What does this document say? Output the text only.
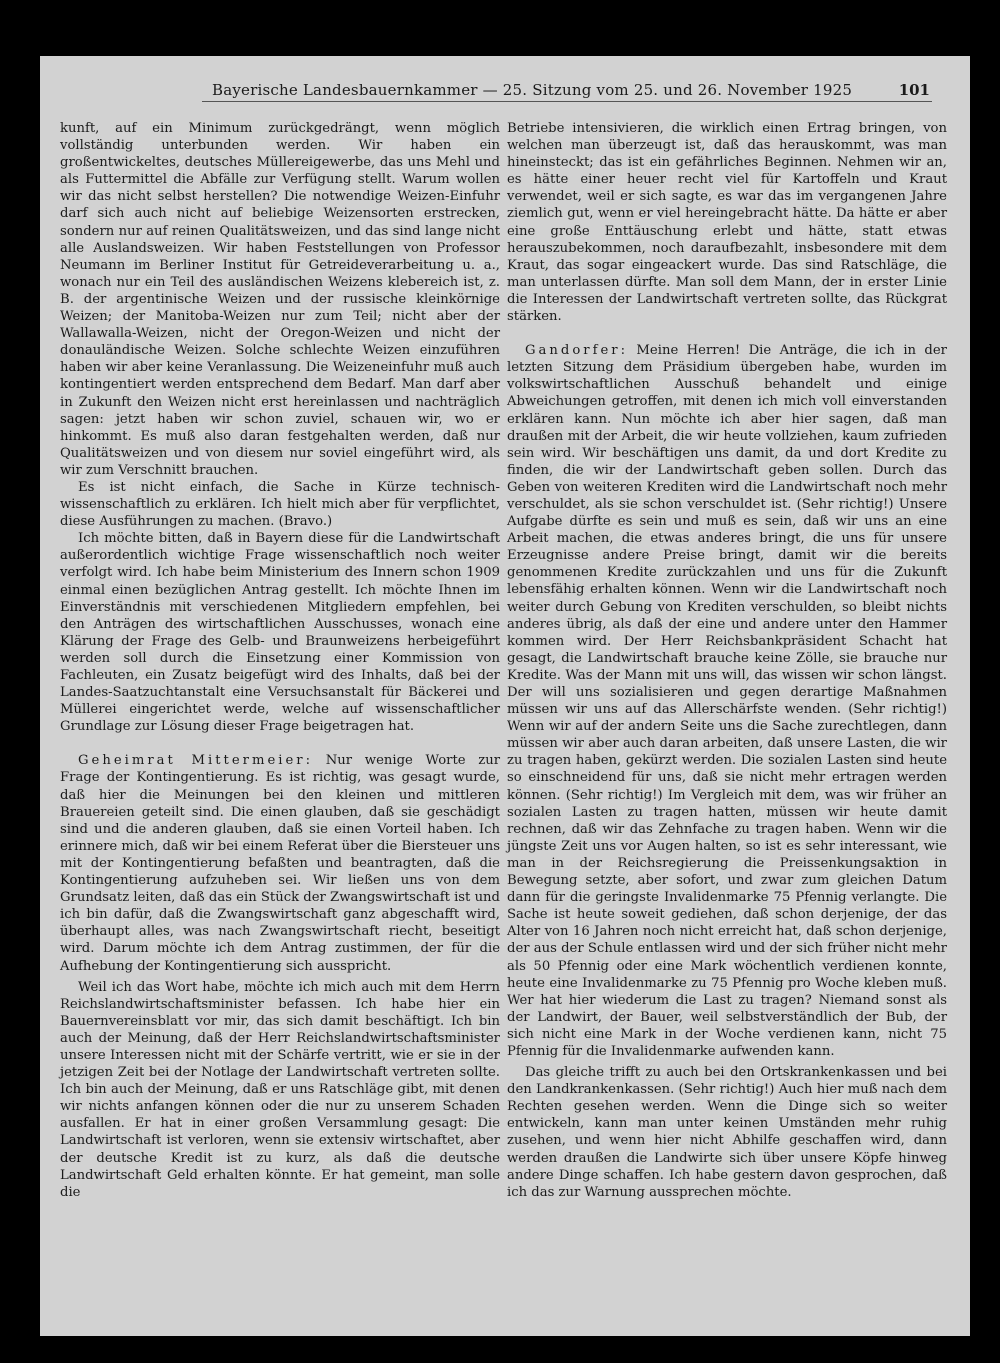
Bayerische Landesbauernkammer — 25. Sitzung vom 25. und 26. November 1925	101

kunft, auf ein Minimum zurückgedrängt, wenn möglich vollständig unterbunden werden. Wir haben ein großentwickeltes, deutsches Müllereigewerbe, das uns Mehl und als Futtermittel die Abfälle zur Verfügung stellt. Warum wollen wir das nicht selbst herstellen? Die notwendige Weizen-Einfuhr darf sich auch nicht auf beliebige Weizensorten erstrecken, sondern nur auf reinen Qualitätsweizen, und das sind lange nicht alle Auslandsweizen. Wir haben Feststellungen von Professor Neumann im Berliner Institut für Getreideverarbeitung u. a., wonach nur ein Teil des ausländischen Weizens klebereich ist, z. B. der argentinische Weizen und der russische kleinkörnige Weizen; der Manitoba-Weizen nur zum Teil; nicht aber der Wallawalla-Weizen, nicht der Oregon-Weizen und nicht der donauländische Weizen. Solche schlechte Weizen einzuführen haben wir aber keine Veranlassung. Die Weizeneinfuhr muß auch kontingentiert werden entsprechend dem Bedarf. Man darf aber in Zukunft den Weizen nicht erst hereinlassen und nachträglich sagen: jetzt haben wir schon zuviel, schauen wir, wo er hinkommt. Es muß also daran festgehalten werden, daß nur Qualitätsweizen und von diesem nur soviel eingeführt wird, als wir zum Verschnitt brauchen.

Es ist nicht einfach, die Sache in Kürze technisch-wissenschaftlich zu erklären. Ich hielt mich aber für verpflichtet, diese Ausführungen zu machen. (Bravo.)

Ich möchte bitten, daß in Bayern diese für die Landwirtschaft außerordentlich wichtige Frage wissenschaftlich noch weiter verfolgt wird. Ich habe beim Ministerium des Innern schon 1909 einmal einen bezüglichen Antrag gestellt. Ich möchte Ihnen im Einverständnis mit verschiedenen Mitgliedern empfehlen, bei den Anträgen des wirtschaftlichen Ausschusses, wonach eine Klärung der Frage des Gelb- und Braunweizens herbeigeführt werden soll durch die Einsetzung einer Kommission von Fachleuten, ein Zusatz beigefügt wird des Inhalts, daß bei der Landes-Saatzuchtanstalt eine Versuchsanstalt für Bäckerei und Müllerei eingerichtet werde, welche auf wissenschaftlicher Grundlage zur Lösung dieser Frage beigetragen hat.

Geheimrat Mittermeier: Nur wenige Worte zur Frage der Kontingentierung. Es ist richtig, was gesagt wurde, daß hier die Meinungen bei den kleinen und mittleren Brauereien geteilt sind. Die einen glauben, daß sie geschädigt sind und die anderen glauben, daß sie einen Vorteil haben. Ich erinnere mich, daß wir bei einem Referat über die Biersteuer uns mit der Kontingentierung befaßten und beantragten, daß die Kontingentierung aufzuheben sei. Wir ließen uns von dem Grundsatz leiten, daß das ein Stück der Zwangswirtschaft ist und ich bin dafür, daß die Zwangswirtschaft ganz abgeschafft wird, überhaupt alles, was nach Zwangswirtschaft riecht, beseitigt wird. Darum möchte ich dem Antrag zustimmen, der für die Aufhebung der Kontingentierung sich ausspricht.

Weil ich das Wort habe, möchte ich mich auch mit dem Herrn Reichslandwirtschaftsminister befassen. Ich habe hier ein Bauernvereinsblatt vor mir, das sich damit beschäftigt. Ich bin auch der Meinung, daß der Herr Reichslandwirtschaftsminister unsere Interessen nicht mit der Schärfe vertritt, wie er sie in der jetzigen Zeit bei der Notlage der Landwirtschaft vertreten sollte. Ich bin auch der Meinung, daß er uns Ratschläge gibt, mit denen wir nichts anfangen können oder die nur zu unserem Schaden ausfallen. Er hat in einer großen Versammlung gesagt: Die Landwirtschaft ist verloren, wenn sie extensiv wirtschaftet, aber der deutsche Kredit ist zu kurz, als daß die deutsche Landwirtschaft Geld erhalten könnte. Er hat gemeint, man solle die

Betriebe intensivieren, die wirklich einen Ertrag bringen, von welchen man überzeugt ist, daß das herauskommt, was man hineinsteckt; das ist ein gefährliches Beginnen. Nehmen wir an, es hätte einer heuer recht viel für Kartoffeln und Kraut verwendet, weil er sich sagte, es war das im vergangenen Jahre ziemlich gut, wenn er viel hereingebracht hätte. Da hätte er aber eine große Enttäuschung erlebt und hätte, statt etwas herauszubekommen, noch daraufbezahlt, insbesondere mit dem Kraut, das sogar eingeackert wurde. Das sind Ratschläge, die man unterlassen dürfte. Man soll dem Mann, der in erster Linie die Interessen der Landwirtschaft vertreten sollte, das Rückgrat stärken.

Gandorfer: Meine Herren! Die Anträge, die ich in der letzten Sitzung dem Präsidium übergeben habe, wurden im volkswirtschaftlichen Ausschuß behandelt und einige Abweichungen getroffen, mit denen ich mich voll einverstanden erklären kann. Nun möchte ich aber hier sagen, daß man draußen mit der Arbeit, die wir heute vollziehen, kaum zufrieden sein wird. Wir beschäftigen uns damit, da und dort Kredite zu finden, die wir der Landwirtschaft geben sollen. Durch das Geben von weiteren Krediten wird die Landwirtschaft noch mehr verschuldet, als sie schon verschuldet ist. (Sehr richtig!) Unsere Aufgabe dürfte es sein und muß es sein, daß wir uns an eine Arbeit machen, die etwas anderes bringt, die uns für unsere Erzeugnisse andere Preise bringt, damit wir die bereits genommenen Kredite zurückzahlen und uns für die Zukunft lebensfähig erhalten können. Wenn wir die Landwirtschaft noch weiter durch Gebung von Krediten verschulden, so bleibt nichts anderes übrig, als daß der eine und andere unter den Hammer kommen wird. Der Herr Reichsbankpräsident Schacht hat gesagt, die Landwirtschaft brauche keine Zölle, sie brauche nur Kredite. Was der Mann mit uns will, das wissen wir schon längst. Der will uns sozialisieren und gegen derartige Maßnahmen müssen wir uns auf das Allerschärfste wenden. (Sehr richtig!) Wenn wir auf der andern Seite uns die Sache zurechtlegen, dann müssen wir aber auch daran arbeiten, daß unsere Lasten, die wir zu tragen haben, gekürzt werden. Die sozialen Lasten sind heute so einschneidend für uns, daß sie nicht mehr ertragen werden können. (Sehr richtig!) Im Vergleich mit dem, was wir früher an sozialen Lasten zu tragen hatten, müssen wir heute damit rechnen, daß wir das Zehnfache zu tragen haben. Wenn wir die jüngste Zeit uns vor Augen halten, so ist es sehr interessant, wie man in der Reichsregierung die Preissenkungsaktion in Bewegung setzte, aber sofort, und zwar zum gleichen Datum dann für die geringste Invalidenmarke 75 Pfennig verlangte. Die Sache ist heute soweit gediehen, daß schon derjenige, der das Alter von 16 Jahren noch nicht erreicht hat, daß schon derjenige, der aus der Schule entlassen wird und der sich früher nicht mehr als 50 Pfennig oder eine Mark wöchentlich verdienen konnte, heute eine Invalidenmarke zu 75 Pfennig pro Woche kleben muß. Wer hat hier wiederum die Last zu tragen? Niemand sonst als der Landwirt, der Bauer, weil selbstverständlich der Bub, der sich nicht eine Mark in der Woche verdienen kann, nicht 75 Pfennig für die Invalidenmarke aufwenden kann.

Das gleiche trifft zu auch bei den Ortskrankenkassen und bei den Landkrankenkassen. (Sehr richtig!) Auch hier muß nach dem Rechten gesehen werden. Wenn die Dinge sich so weiter entwickeln, kann man unter keinen Umständen mehr ruhig zusehen, und wenn hier nicht Abhilfe geschaffen wird, dann werden draußen die Landwirte sich über unsere Köpfe hinweg andere Dinge schaffen. Ich habe gestern davon gesprochen, daß ich das zur Warnung aussprechen möchte.
